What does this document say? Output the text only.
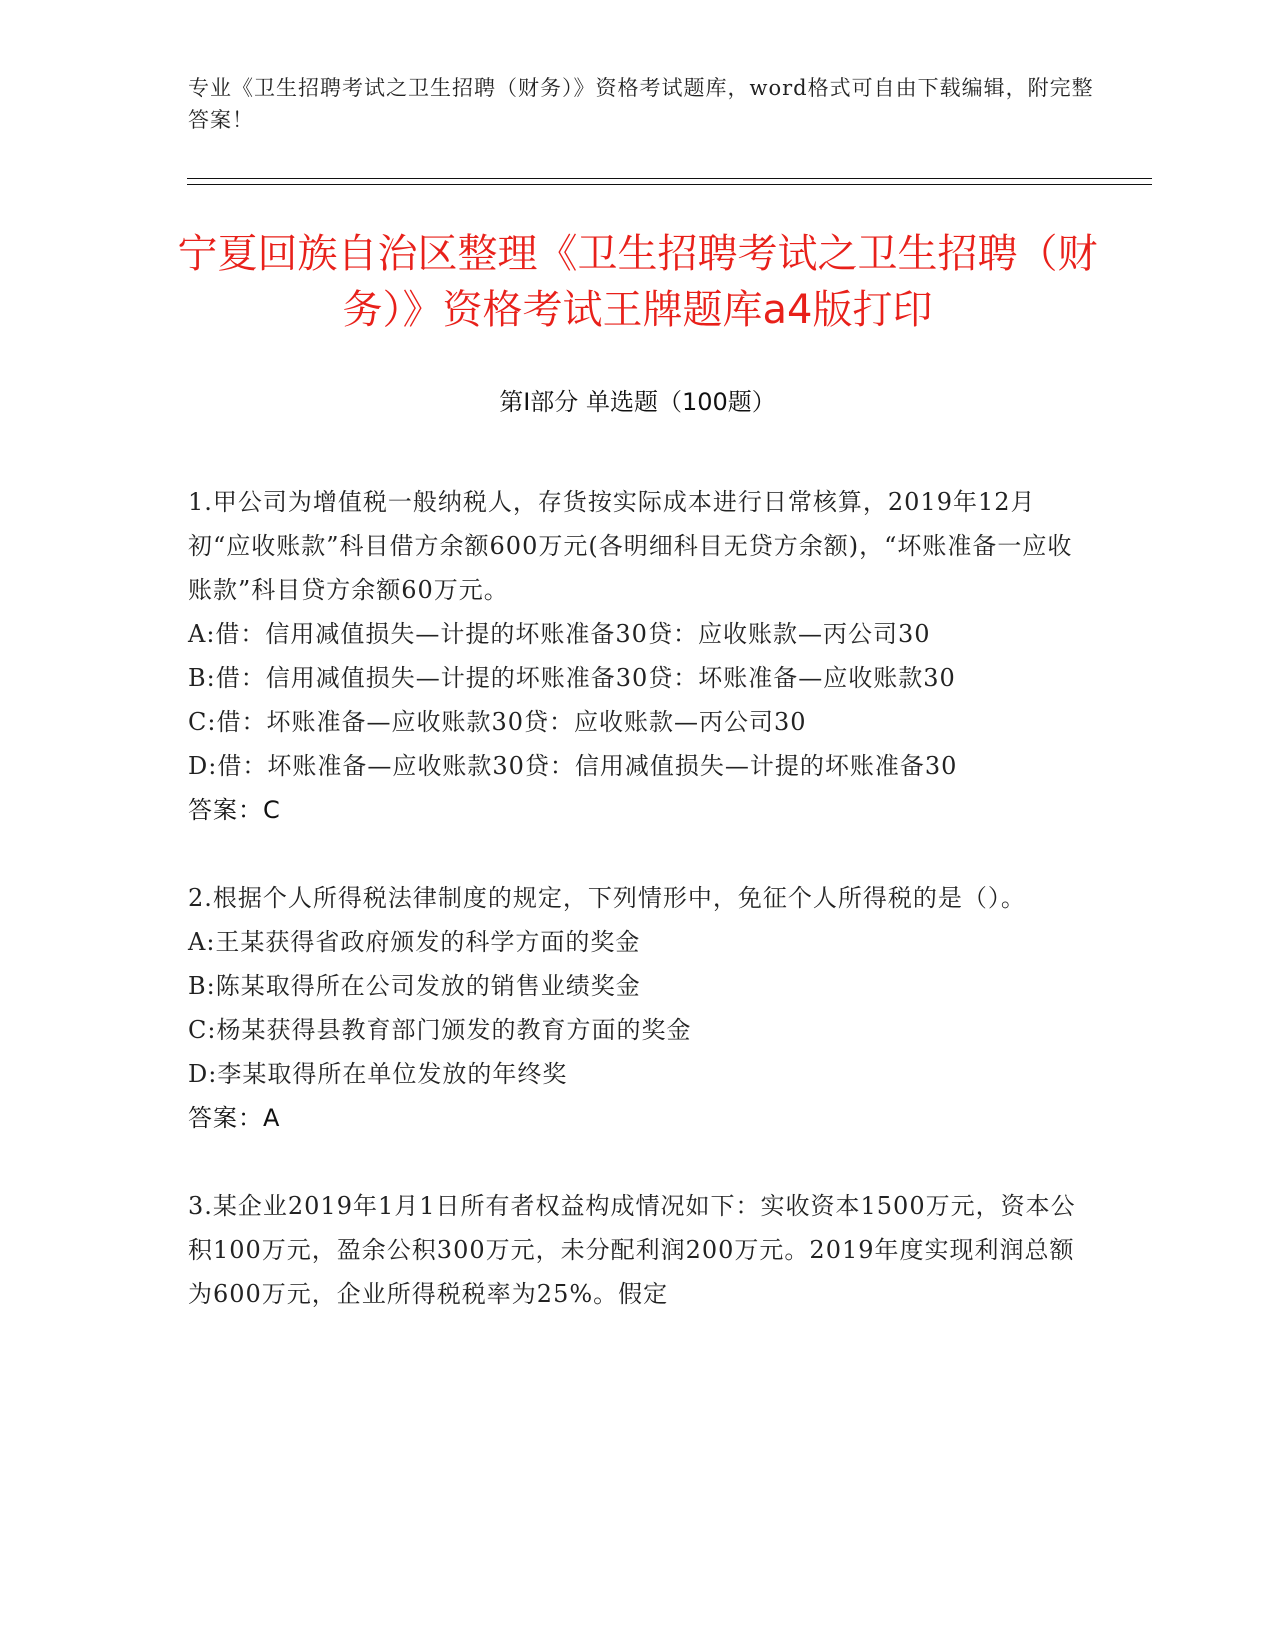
专业《卫生招聘考试之卫生招聘（财务）》资格考试题库，word格式可自由下载编辑，附完整答案！
宁夏回族自治区整理《卫生招聘考试之卫生招聘（财务）》资格考试王牌题库a4版打印
第Ⅰ部分 单选题（100题）

1.甲公司为增值税一般纳税人，存货按实际成本进行日常核算，2019年12月初“应收账款”科目借方余额600万元(各明细科目无贷方余额)，“坏账准备一应收账款”科目贷方余额60万元。

A:借：信用减值损失—计提的坏账准备30贷：应收账款—丙公司30

B:借：信用减值损失—计提的坏账准备30贷：坏账准备—应收账款30

C:借：坏账准备—应收账款30贷：应收账款—丙公司30

D:借：坏账准备—应收账款30贷：信用减值损失—计提的坏账准备30

答案：C

2.根据个人所得税法律制度的规定，下列情形中，免征个人所得税的是（）。

A:王某获得省政府颁发的科学方面的奖金

B:陈某取得所在公司发放的销售业绩奖金

C:杨某获得县教育部门颁发的教育方面的奖金

D:李某取得所在单位发放的年终奖

答案：A

3.某企业2019年1月1日所有者权益构成情况如下：实收资本1500万元，资本公积100万元，盈余公积300万元，未分配利润200万元。2019年度实现利润总额为600万元，企业所得税税率为25%。假定
